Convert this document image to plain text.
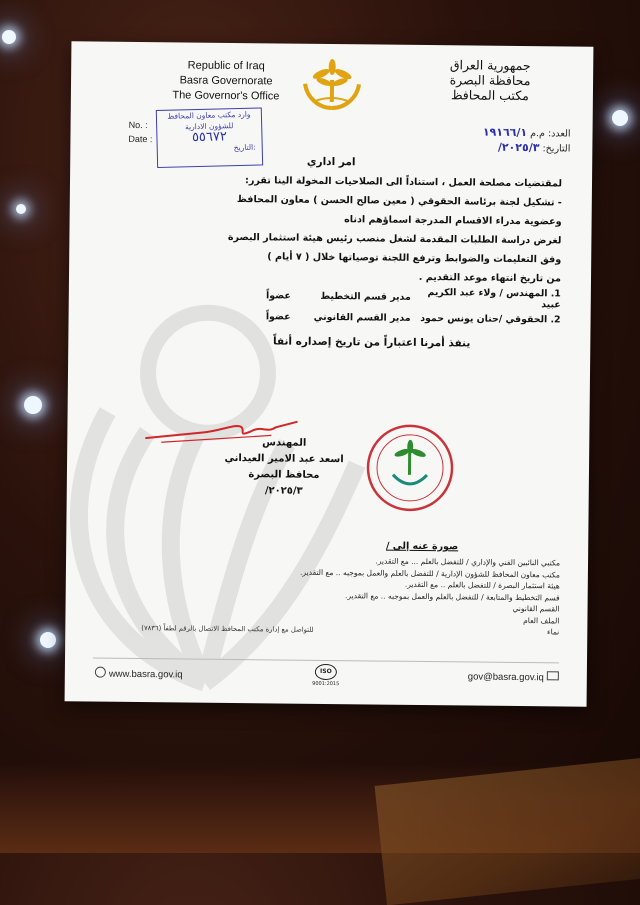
Republic of Iraq
Basra Governorate
The Governor's Office
جمهورية العراق
محافظة البصرة
مكتب المحافظ
No. :
Date :
وارد مكتب معاون المحافظ
للشؤون الادارية
٥٥٦٧٢
التاريخ:
العدد: م.م ١٩١٦٦/١
التاريخ: ٢٠٢٥/٣/
امر اداري

لمقتضيات مصلحة العمل ، استناداً الى الصلاحيات المخولة الينا تقرر:

- تشكيل لجنة برئاسة الحقوقي ( معين صالح الحسن ) معاون المحافظ

وعضوية مدراء الاقسام المدرجة اسماؤهم ادناه

لغرض دراسة الطلبات المقدمة لشغل منصب رئيس هيئة استثمار البصرة

وفق التعليمات والضوابط وترفع اللجنة توصياتها خلال ( ٧ أيام )

من تاريخ انتهاء موعد التقديم .

1. المهندس / ولاء عبد الكريم عبيد
مدير قسم التخطيط
عضواً
2. الحقوقي /حنان يونس حمود
مدير القسم القانوني
عضواً
ينفذ أمرنا اعتباراً من تاريخ إصداره أنفاً
المهندس
اسعد عبد الامير العيداني
محافظ البصرة
٢٠٢٥/٣/
صورة عنه إلى /
مكتبي النائبين الفني والإداري / للتفضل بالعلم ... مع التقدير.
مكتب معاون المحافظ للشؤون الإدارية / للتفضل بالعلم والعمل بموجبه .. مع التقدير.
هيئة استثمار البصرة / للتفضل بالعلم .. مع التقدير.
قسم التخطيط والمتابعة / للتفضل بالعلم والعمل بموجبه .. مع التقدير.
القسم القانوني
الملف العام
نماء
للتواصل مع إدارة مكتب المحافظ الاتصال بالرقم لطفاً (٧٨٣٦)
www.basra.gov.iq	ISO
9001:2015
gov@basra.gov.iq
